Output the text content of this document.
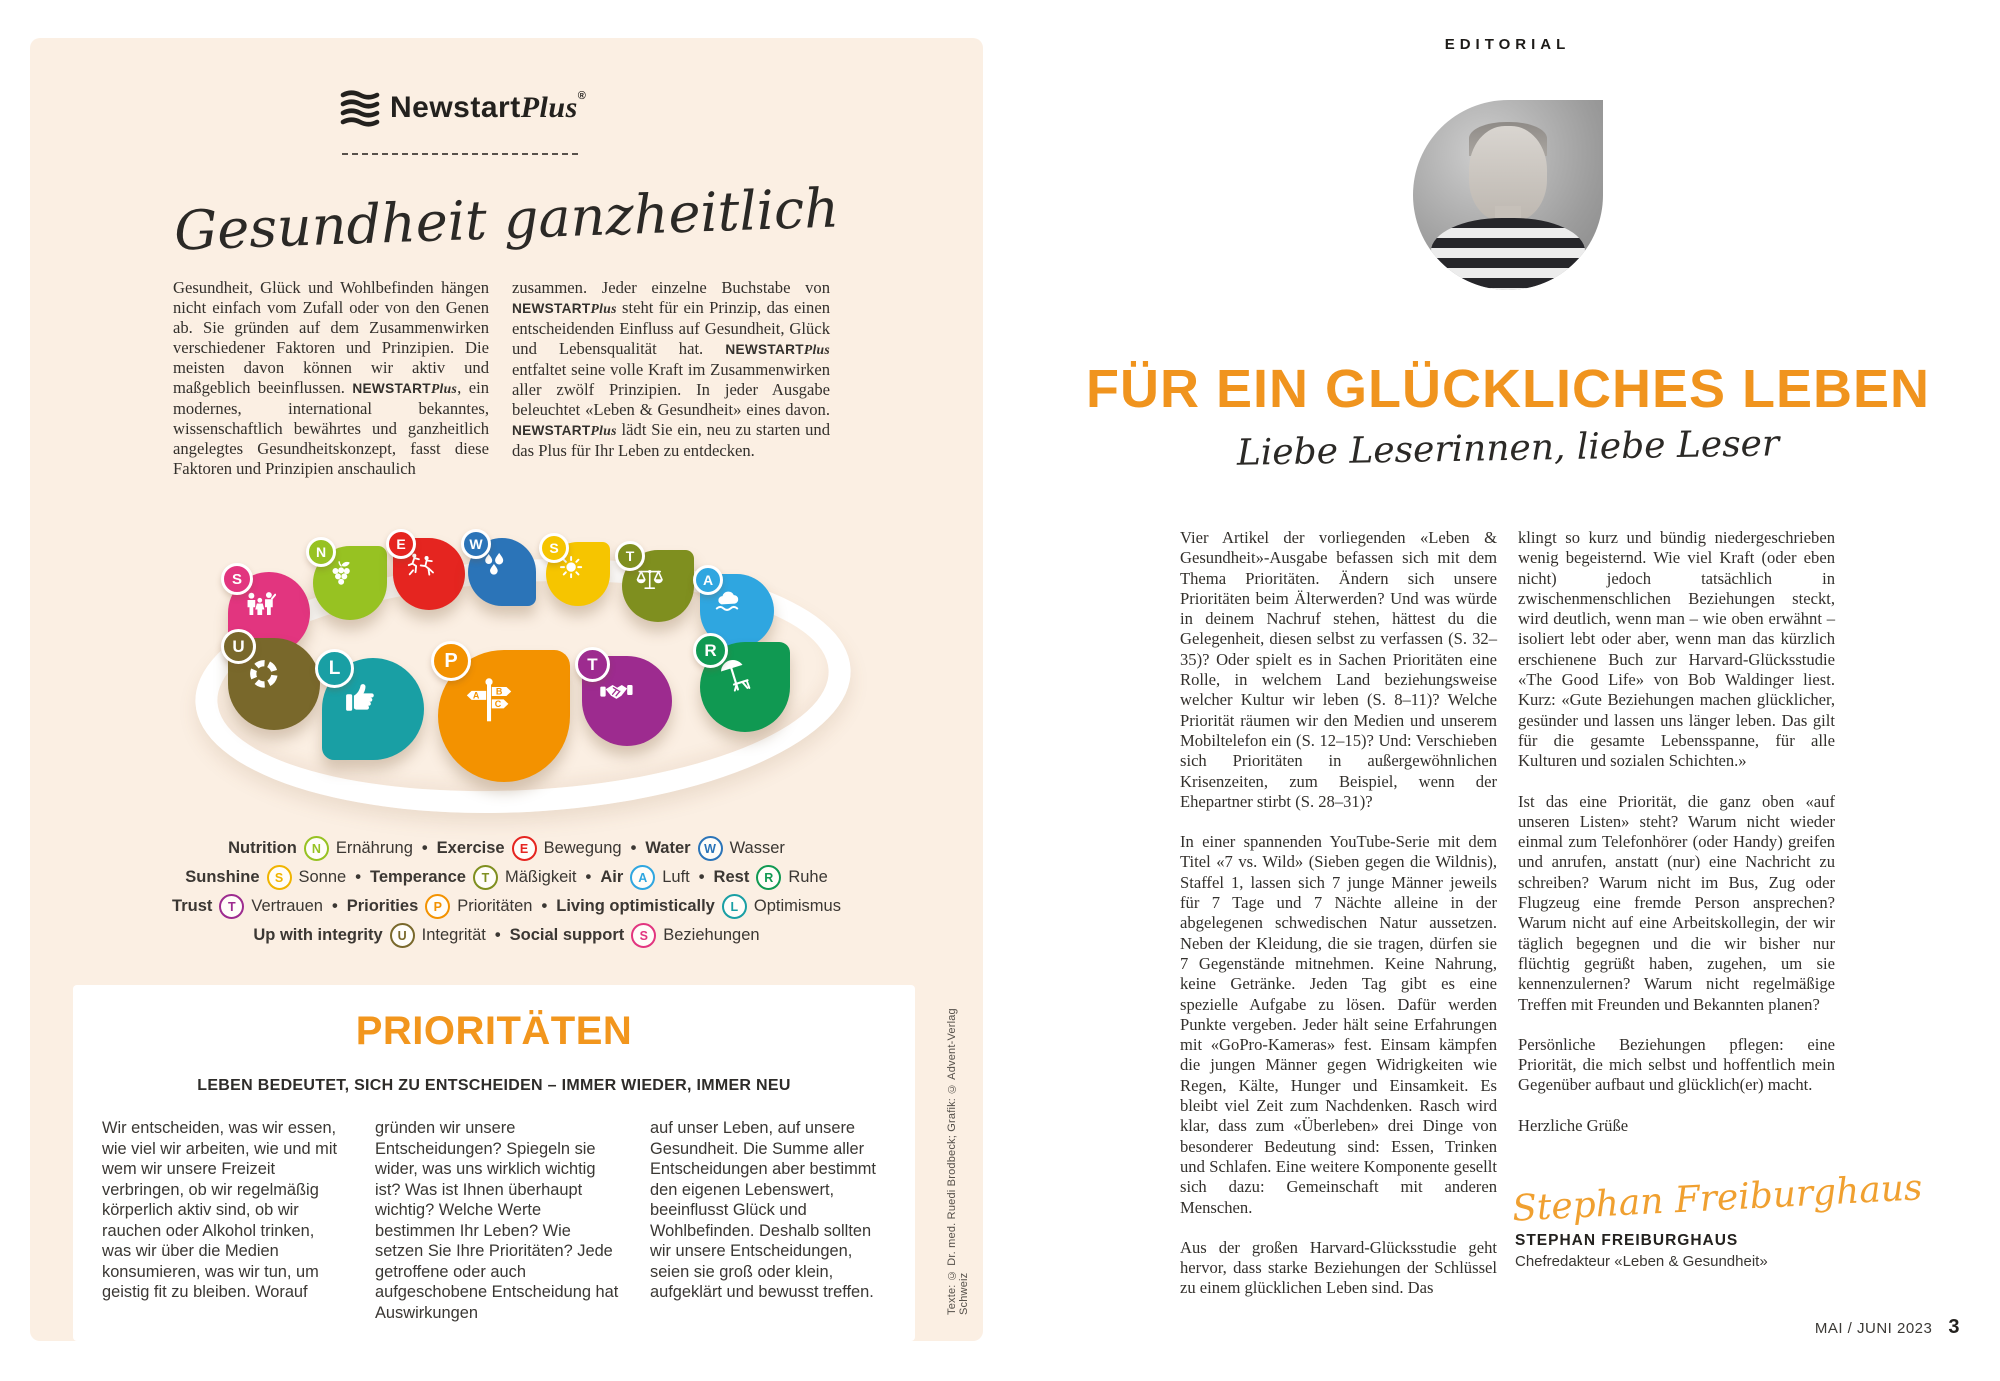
NewstartPlus®
Gesundheit ganzheitlich
Gesundheit, Glück und Wohlbefinden hängen nicht einfach vom Zufall oder von den Genen ab. Sie gründen auf dem Zusammenwirken verschiedener Faktoren und Prinzipien. Die meisten davon können wir aktiv und maßgeblich beeinflussen. NEWSTARTPlus, ein modernes, international bekanntes, wissenschaftlich bewährtes und ganzheitlich angelegtes Gesundheitskonzept, fasst diese Faktoren und Prinzipien anschaulich
zusammen. Jeder einzelne Buchstabe von NEWSTARTPlus steht für ein Prinzip, das einen entscheidenden Einfluss auf Gesundheit, Glück und Lebensqualität hat. NEWSTARTPlus entfaltet seine volle Kraft im Zusammenwirken aller zwölf Prinzipien. In jeder Ausgabe beleuchtet «Leben & Gesundheit» eines davon. NEWSTARTPlus lädt Sie ein, neu zu starten und das Plus für Ihr Leben zu entdecken.
S
N	E	W	S	T
A
R
U
L
A B
C
P	T
Nutrition	N Ernährung • Exercise	E Bewegung • Water	W Wasser
Sunshine	S Sonne • Temperance	T Mäßigkeit • Air	A Luft • Rest	R Ruhe
Trust	T Vertrauen • Priorities	P Prioritäten • Living optimistically	L Optimismus
Up with integrity	U Integrität • Social support	S Beziehungen
PRIORITÄTEN
LEBEN BEDEUTET, SICH ZU ENTSCHEIDEN – IMMER WIEDER, IMMER NEU
Wir entscheiden, was wir essen, wie viel wir arbeiten, wie und mit wem wir unsere Freizeit verbringen, ob wir regelmäßig körperlich aktiv sind, ob wir rauchen oder Alkohol trinken, was wir über die Medien konsumieren, was wir tun, um geistig fit zu bleiben. Worauf
gründen wir unsere Entscheidungen? Spiegeln sie wider, was uns wirklich wichtig ist? Was ist Ihnen überhaupt wichtig? Welche Werte bestimmen Ihr Leben? Wie setzen Sie Ihre Prioritäten? Jede getroffene oder auch aufgeschobene Entscheidung hat Auswirkungen
auf unser Leben, auf unsere Gesundheit. Die Summe aller Entscheidungen aber bestimmt den eigenen Lebenswert, beeinflusst Glück und Wohlbefinden. Deshalb sollten wir unsere Entscheidungen, seien sie groß oder klein, aufgeklärt und bewusst treffen.	Texte: © Dr. med. Ruedi Brodbeck; Grafik: © Advent-Verlag Schweiz
EDITORIAL
FÜR EIN GLÜCKLICHES LEBEN
Liebe Leserinnen, liebe Leser

Vier Artikel der vorliegenden «Leben & Gesundheit»-Ausgabe befassen sich mit dem Thema Prioritäten. Ändern sich unsere Prioritäten beim Älterwerden? Und was würde in deinem Nachruf stehen, hättest du die Gelegenheit, diesen selbst zu verfassen (S. 32–35)? Oder spielt es in Sachen Prioritäten eine Rolle, in welchem Land beziehungsweise welcher Kultur wir leben (S. 8–11)? Welche Priorität räumen wir den Medien und unserem Mobiltelefon ein (S. 12–15)? Und: Verschieben sich Prioritäten in außergewöhnlichen Krisenzeiten, zum Beispiel, wenn der Ehepartner stirbt (S. 28–31)?

In einer spannenden YouTube-Serie mit dem Titel «7 vs. Wild» (Sieben gegen die Wildnis), Staffel 1, lassen sich 7 junge Männer jeweils für 7 Tage und 7 Nächte alleine in der abgelegenen schwedischen Natur aussetzen. Neben der Kleidung, die sie tragen, dürfen sie 7 Gegenstände mitnehmen. Keine Nahrung, keine Getränke. Jeden Tag gibt es eine spezielle Aufgabe zu lösen. Dafür werden Punkte vergeben. Jeder hält seine Erfahrungen mit «GoPro-Kameras» fest. Einsam kämpfen die jungen Männer gegen Widrigkeiten wie Regen, Kälte, Hunger und Einsamkeit. Es bleibt viel Zeit zum Nachdenken. Rasch wird klar, dass zum «Überleben» drei Dinge von besonderer Bedeutung sind: Essen, Trinken und Schlafen. Eine weitere Komponente gesellt sich dazu: Gemeinschaft mit anderen Menschen.

Aus der großen Harvard-Glücksstudie geht hervor, dass starke Beziehungen der Schlüssel zu einem glücklichen Leben sind. Das

klingt so kurz und bündig niedergeschrieben wenig begeisternd. Wie viel Kraft (oder eben nicht) jedoch tatsächlich in zwischenmenschlichen Beziehungen steckt, wird deutlich, wenn man – wie oben erwähnt – isoliert lebt oder aber, wenn man das kürzlich erschienene Buch zur Harvard-Glücksstudie «The Good Life» von Bob Waldinger liest. Kurz: «Gute Beziehungen machen glücklicher, gesünder und lassen uns länger leben. Das gilt für die gesamte Lebensspanne, für alle Kulturen und sozialen Schichten.»

Ist das eine Priorität, die ganz oben «auf unseren Listen» steht? Warum nicht wieder einmal zum Telefonhörer (oder Handy) greifen und anrufen, anstatt (nur) eine Nachricht zu schreiben? Warum nicht im Bus, Zug oder Flugzeug eine fremde Person ansprechen? Warum nicht auf eine Arbeitskollegin, der wir täglich begegnen und die wir bisher nur flüchtig gegrüßt haben, zugehen, um sie kennenzulernen? Warum nicht regelmäßige Treffen mit Freunden und Bekannten planen?

Persönliche Beziehungen pflegen: eine Priorität, die mich selbst und hoffentlich mein Gegenüber aufbaut und glücklich(er) macht.

Herzliche Grüße

Stephan Freiburghaus
STEPHAN FREIBURGHAUS
Chefredakteur «Leben & Gesundheit»
MAI / JUNI 2023 3
